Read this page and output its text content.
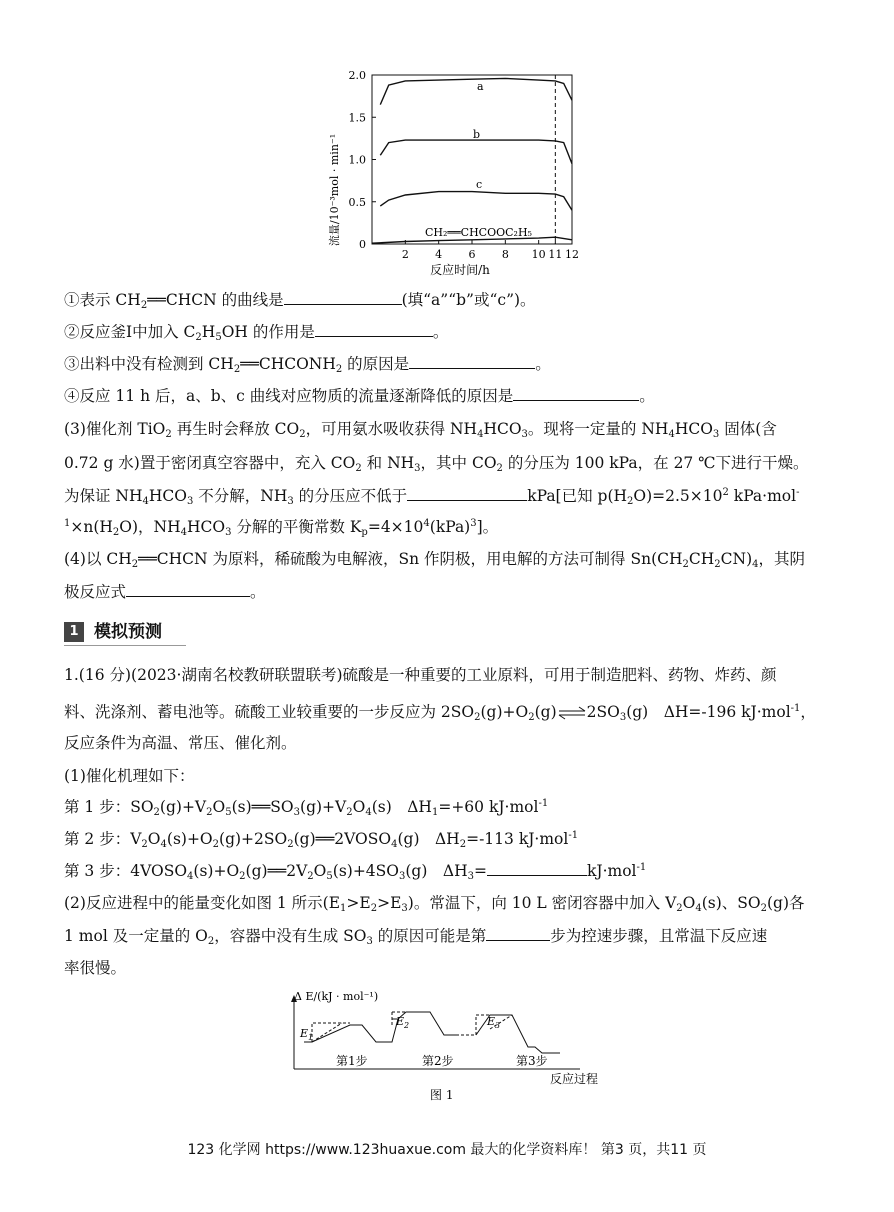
2.0
1.5
1.0
0.5
0
2 4 6 8 10 11 12
流量/10⁻³mol · min⁻¹
反应时间/h
a
b
c
CH₂══CHCOOC₂H₅
①表示 $CH_2══CHCN$ 的曲线是	(填“a”“b”或“c”)。
②反应釜Ⅰ中加入 $C_2H_5OH$ 的作用是	。
③出料中没有检测到 $CH_2══CHCONH_2$ 的原因是	。
④反应 11 h 后，a、b、c 曲线对应物质的流量逐渐降低的原因是	。
(3)催化剂 TiO$_2$ 再生时会释放 $CO_2$，可用氨水吸收获得 $NH_4HCO_3$。现将一定量的 $NH_4HCO_3$ 固体(含
0.72 g 水)置于密闭真空容器中，充入 $CO_2$ 和 $NH_3$，其中 $CO_2$ 的分压为 100 kPa，在 27 ℃下进行干燥。
为保证 $NH_4HCO_3$ 不分解，$NH_3$ 的分压应不低于	kPa[已知 $p(H_2O)=2.5\times 10^2$ kPa·mol-
$^1\times n(H_2O)$，$NH_4HCO_3$ 分解的平衡常数 $K_p=4\times 10^4(kPa)^3$]。
(4)以 $CH_2══CHCN$ 为原料，稀硫酸为电解液，Sn 作阴极，用电解的方法可制得 $Sn(CH_2CH_2CN)_4$，其阴
极反应式	。
1 模拟预测
1.(16 分)(2023·湖南名校教研联盟联考)硫酸是一种重要的工业原料，可用于制造肥料、药物、炸药、颜
料、洗涤剂、蓄电池等。硫酸工业较重要的一步反应为 $2SO_2(g)+O_2(g)\rightleftharpoons 2SO_3(g)$　ΔH=-196 kJ·mol$^{-1}$，
反应条件为高温、常压、催化剂。
(1)催化机理如下：
第 1 步：$SO_2(g)+V_2O_5(s)══SO_3(g)+V_2O_4(s)$　$\Delta H_1=+60$ kJ·mol$^{-1}$
第 2 步：$V_2O_4(s)+O_2(g)+2SO_2(g)══2VOSO_4(g)$　$\Delta H_2=-113$ kJ·mol$^{-1}$
第 3 步：$4VOSO_4(s)+O_2(g)══2V_2O_5(s)+4SO_3(g)$　$\Delta H_3=$	kJ·mol$^{-1}$
(2)反应进程中的能量变化如图 1 所示$(E_1>E_2>E_3)$。常温下，向 10 L 密闭容器中加入 $V_2O_4(s)$、$SO_2(g)$各
1 mol 及一定量的 $O_2$，容器中没有生成 $SO_3$ 的原因可能是第	步为控速步骤，且常温下反应速
率很慢。
Δ E/(kJ · mol⁻¹)
$E_1$
$E_2$	$E_3$
第1步	第2步	第3步
反应过程
图 1
123 化学网 https://www.123huaxue.com 最大的化学资料库！ 第3 页，共11 页
